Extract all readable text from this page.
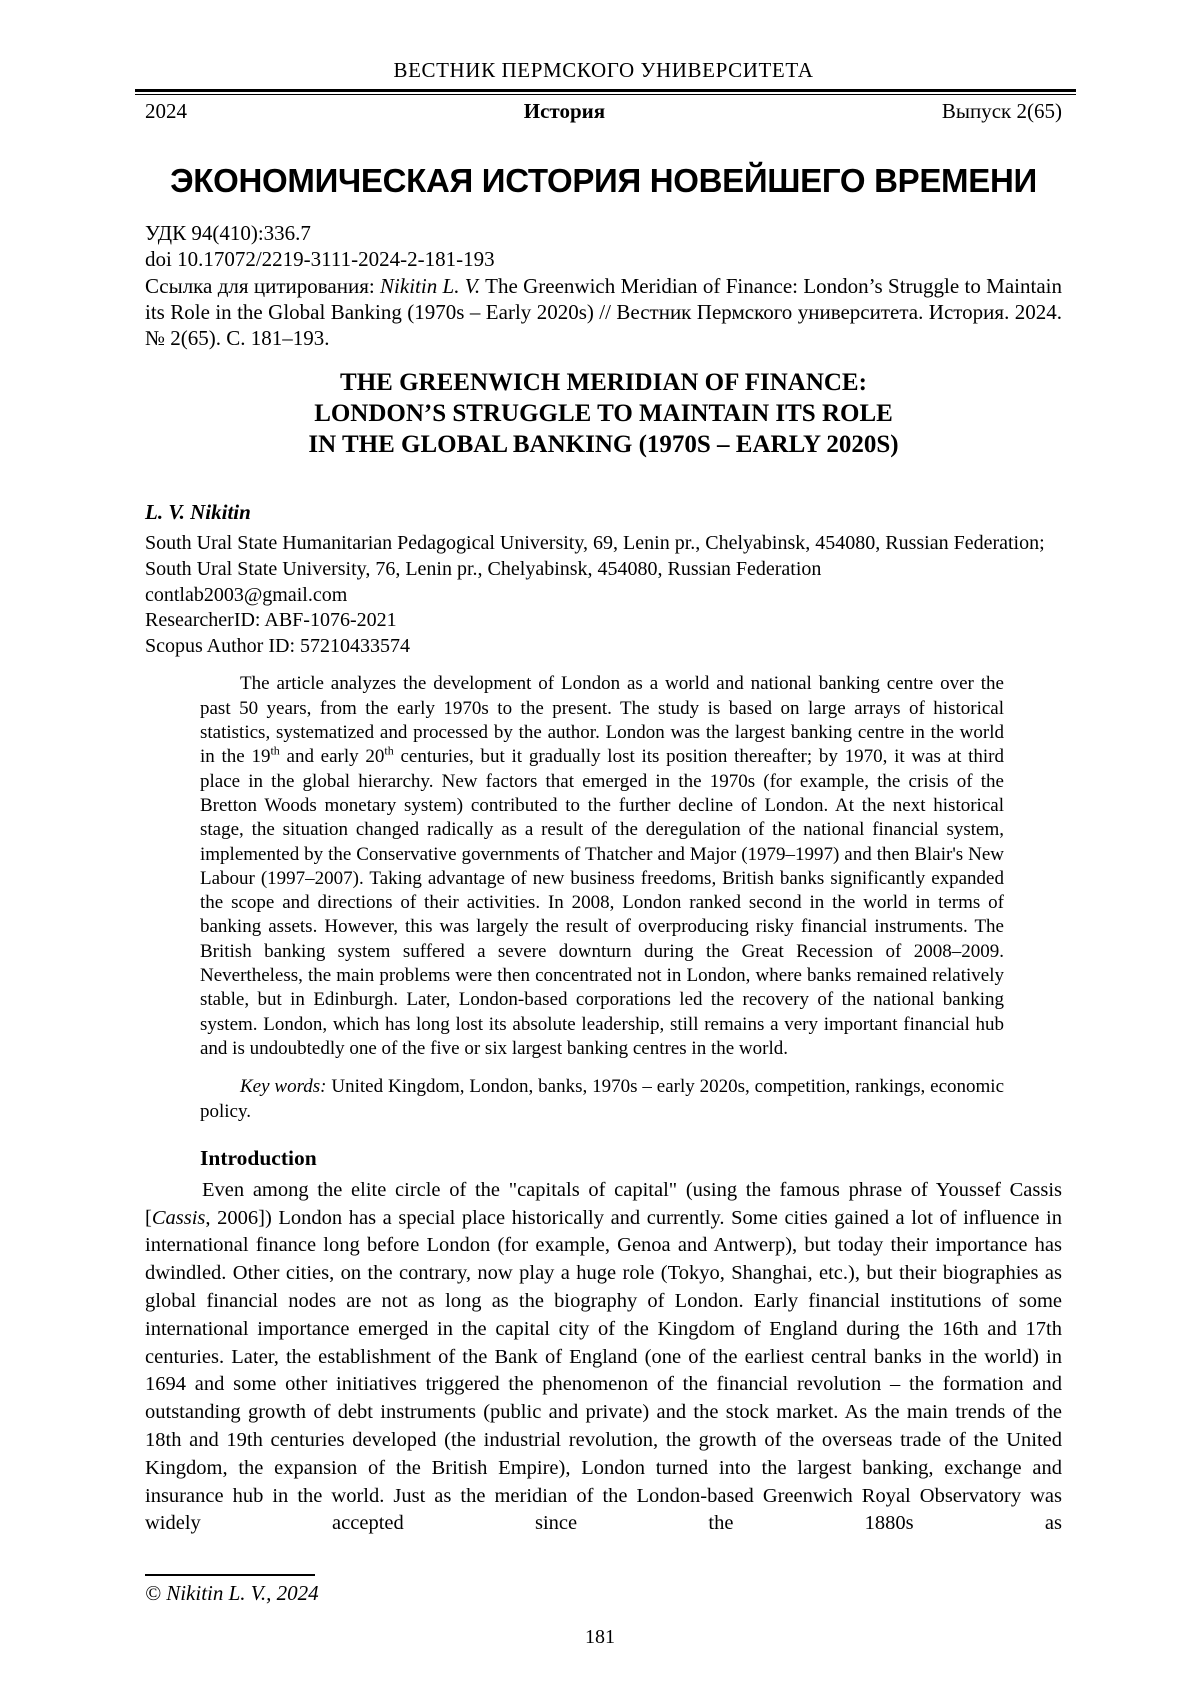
ВЕСТНИК ПЕРМСКОГО УНИВЕРСИТЕТА
2024	История	Выпуск 2(65)
ЭКОНОМИЧЕСКАЯ ИСТОРИЯ НОВЕЙШЕГО ВРЕМЕНИ
УДК 94(410):336.7
doi 10.17072/2219-3111-2024-2-181-193
Ссылка для цитирования: Nikitin L. V. The Greenwich Meridian of Finance: London’s Struggle to Maintain its Role in the Global Banking (1970s – Early 2020s) // Вестник Пермского университета. История. 2024. № 2(65). С. 181–193.
THE GREENWICH MERIDIAN OF FINANCE:
LONDON’S STRUGGLE TO MAINTAIN ITS ROLE
IN THE GLOBAL BANKING (1970S – EARLY 2020S)
L. V. Nikitin
South Ural State Humanitarian Pedagogical University, 69, Lenin pr., Chelyabinsk, 454080, Russian Federation;
South Ural State University, 76, Lenin pr., Chelyabinsk, 454080, Russian Federation
contlab2003@gmail.com
ResearcherID: ABF-1076-2021
Scopus Author ID: 57210433574
The article analyzes the development of London as a world and national banking centre over the past 50 years, from the early 1970s to the present. The study is based on large arrays of historical statistics, systematized and processed by the author. London was the largest banking centre in the world in the 19th and early 20th centuries, but it gradually lost its position thereafter; by 1970, it was at third place in the global hierarchy. New factors that emerged in the 1970s (for example, the crisis of the Bretton Woods monetary system) contributed to the further decline of London. At the next historical stage, the situation changed radically as a result of the deregulation of the national financial system, implemented by the Conservative governments of Thatcher and Major (1979–1997) and then Blair's New Labour (1997–2007). Taking advantage of new business freedoms, British banks significantly expanded the scope and directions of their activities. In 2008, London ranked second in the world in terms of banking assets. However, this was largely the result of overproducing risky financial instruments. The British banking system suffered a severe downturn during the Great Recession of 2008–2009. Nevertheless, the main problems were then concentrated not in London, where banks remained relatively stable, but in Edinburgh. Later, London-based corporations led the recovery of the national banking system. London, which has long lost its absolute leadership, still remains a very important financial hub and is undoubtedly one of the five or six largest banking centres in the world.
Key words: United Kingdom, London, banks, 1970s – early 2020s, competition, rankings, economic policy.
Introduction
Even among the elite circle of the "capitals of capital" (using the famous phrase of Youssef Cassis [Cassis, 2006]) London has a special place historically and currently. Some cities gained a lot of influence in international finance long before London (for example, Genoa and Antwerp), but today their importance has dwindled. Other cities, on the contrary, now play a huge role (Tokyo, Shanghai, etc.), but their biographies as global financial nodes are not as long as the biography of London. Early financial institutions of some international importance emerged in the capital city of the Kingdom of England during the 16th and 17th centuries. Later, the establishment of the Bank of England (one of the earliest central banks in the world) in 1694 and some other initiatives triggered the phenomenon of the financial revolution – the formation and outstanding growth of debt instruments (public and private) and the stock market. As the main trends of the 18th and 19th centuries developed (the industrial revolution, the growth of the overseas trade of the United Kingdom, the expansion of the British Empire), London turned into the largest banking, exchange and insurance hub in the world. Just as the meridian of the London-based Greenwich Royal Observatory was widely accepted since the 1880s as
© Nikitin L. V., 2024
181
